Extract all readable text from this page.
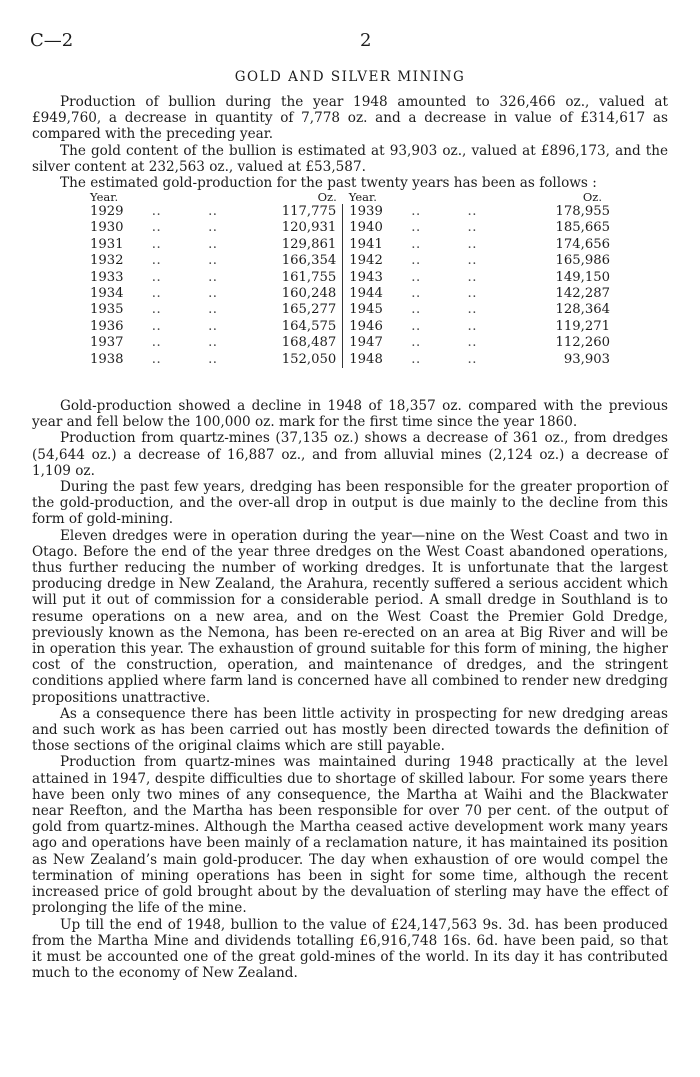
C—2	2
GOLD AND SILVER MINING

Production of bullion during the year 1948 amounted to 326,466 oz., valued at £949,760, a decrease in quantity of 7,778 oz. and a decrease in value of £314,617 as compared with the preceding year.

The gold content of the bullion is estimated at 93,903 oz., valued at £896,173, and the silver content at 232,563 oz., valued at £53,587.

The estimated gold-production for the past twenty years has been as follows :

Year.		Oz.	Year.		Oz.
1929	..          ..	117,775	1939	..          ..	178,955
1930	..          ..	120,931	1940	..          ..	185,665
1931	..          ..	129,861	1941	..          ..	174,656
1932	..          ..	166,354	1942	..          ..	165,986
1933	..          ..	161,755	1943	..          ..	149,150
1934	..          ..	160,248	1944	..          ..	142,287
1935	..          ..	165,277	1945	..          ..	128,364
1936	..          ..	164,575	1946	..          ..	119,271
1937	..          ..	168,487	1947	..          ..	112,260
1938	..          ..	152,050	1948	..          ..	93,903

Gold-production showed a decline in 1948 of 18,357 oz. compared with the previous year and fell below the 100,000 oz. mark for the first time since the year 1860.

Production from quartz-mines (37,135 oz.) shows a decrease of 361 oz., from dredges (54,644 oz.) a decrease of 16,887 oz., and from alluvial mines (2,124 oz.) a decrease of 1,109 oz.

During the past few years, dredging has been responsible for the greater proportion of the gold-production, and the over-all drop in output is due mainly to the decline from this form of gold-mining.

Eleven dredges were in operation during the year—nine on the West Coast and two in Otago. Before the end of the year three dredges on the West Coast abandoned operations, thus further reducing the number of working dredges. It is unfortunate that the largest producing dredge in New Zealand, the Arahura, recently suffered a serious accident which will put it out of commission for a considerable period. A small dredge in Southland is to resume operations on a new area, and on the West Coast the Premier Gold Dredge, previously known as the Nemona, has been re-erected on an area at Big River and will be in operation this year. The exhaustion of ground suitable for this form of mining, the higher cost of the construction, operation, and maintenance of dredges, and the stringent conditions applied where farm land is concerned have all combined to render new dredging propositions unattractive.

As a consequence there has been little activity in prospecting for new dredging areas and such work as has been carried out has mostly been directed towards the definition of those sections of the original claims which are still payable.

Production from quartz-mines was maintained during 1948 practically at the level attained in 1947, despite difficulties due to shortage of skilled labour. For some years there have been only two mines of any consequence, the Martha at Waihi and the Blackwater near Reefton, and the Martha has been responsible for over 70 per cent. of the output of gold from quartz-mines. Although the Martha ceased active development work many years ago and operations have been mainly of a reclamation nature, it has maintained its position as New Zealand’s main gold-producer. The day when exhaustion of ore would compel the termination of mining operations has been in sight for some time, although the recent increased price of gold brought about by the devaluation of sterling may have the effect of prolonging the life of the mine.

Up till the end of 1948, bullion to the value of £24,147,563 9s. 3d. has been produced from the Martha Mine and dividends totalling £6,916,748 16s. 6d. have been paid, so that it must be accounted one of the great gold-mines of the world. In its day it has contributed much to the economy of New Zealand.
